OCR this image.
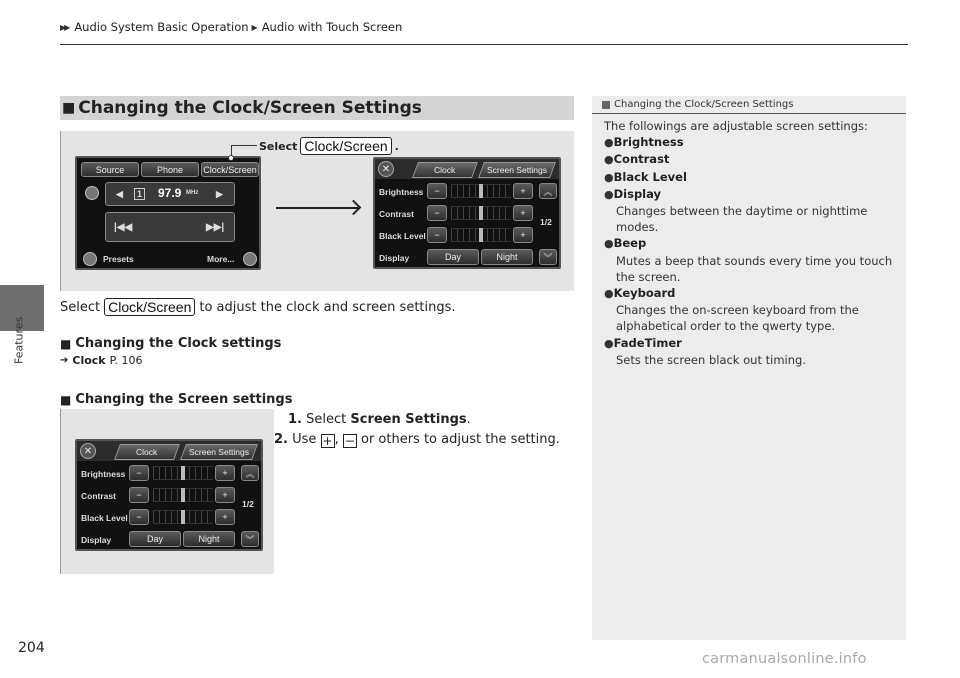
▶▶ Audio System Basic Operation ▶ Audio with Touch Screen
Features
204
■ Changing the Clock/Screen Settings
Source	Phone	Clock/Screen
◀	1 97.9 MHz ▶
|◀◀	▶▶|
Presets	More...
Select Clock/Screen .
✕	Clock	Screen Settings
Brightness	−	+
Contrast	−	+
Black Level −	+
Display	Day	Night
︽
1/2
︾
Select Clock/Screen to adjust the clock and screen settings.
■ Changing the Clock settings
➔ Clock P. 106
■ Changing the Screen settings
✕	Clock	Screen Settings
Brightness	−	+
Contrast	−	+
Black Level −	+
Display	Day	Night
︽
1/2
︾
1. Select Screen Settings.
2. Use + , − or others to adjust the setting.
Changing the Clock/Screen Settings
The followings are adjustable screen settings:
●Brightness
●Contrast
●Black Level
●Display
Changes between the daytime or nighttime modes.
●Beep
Mutes a beep that sounds every time you touch the screen.
●Keyboard
Changes the on-screen keyboard from the alphabetical order to the qwerty type.
●FadeTimer
Sets the screen black out timing.
carmanualsonline.info
